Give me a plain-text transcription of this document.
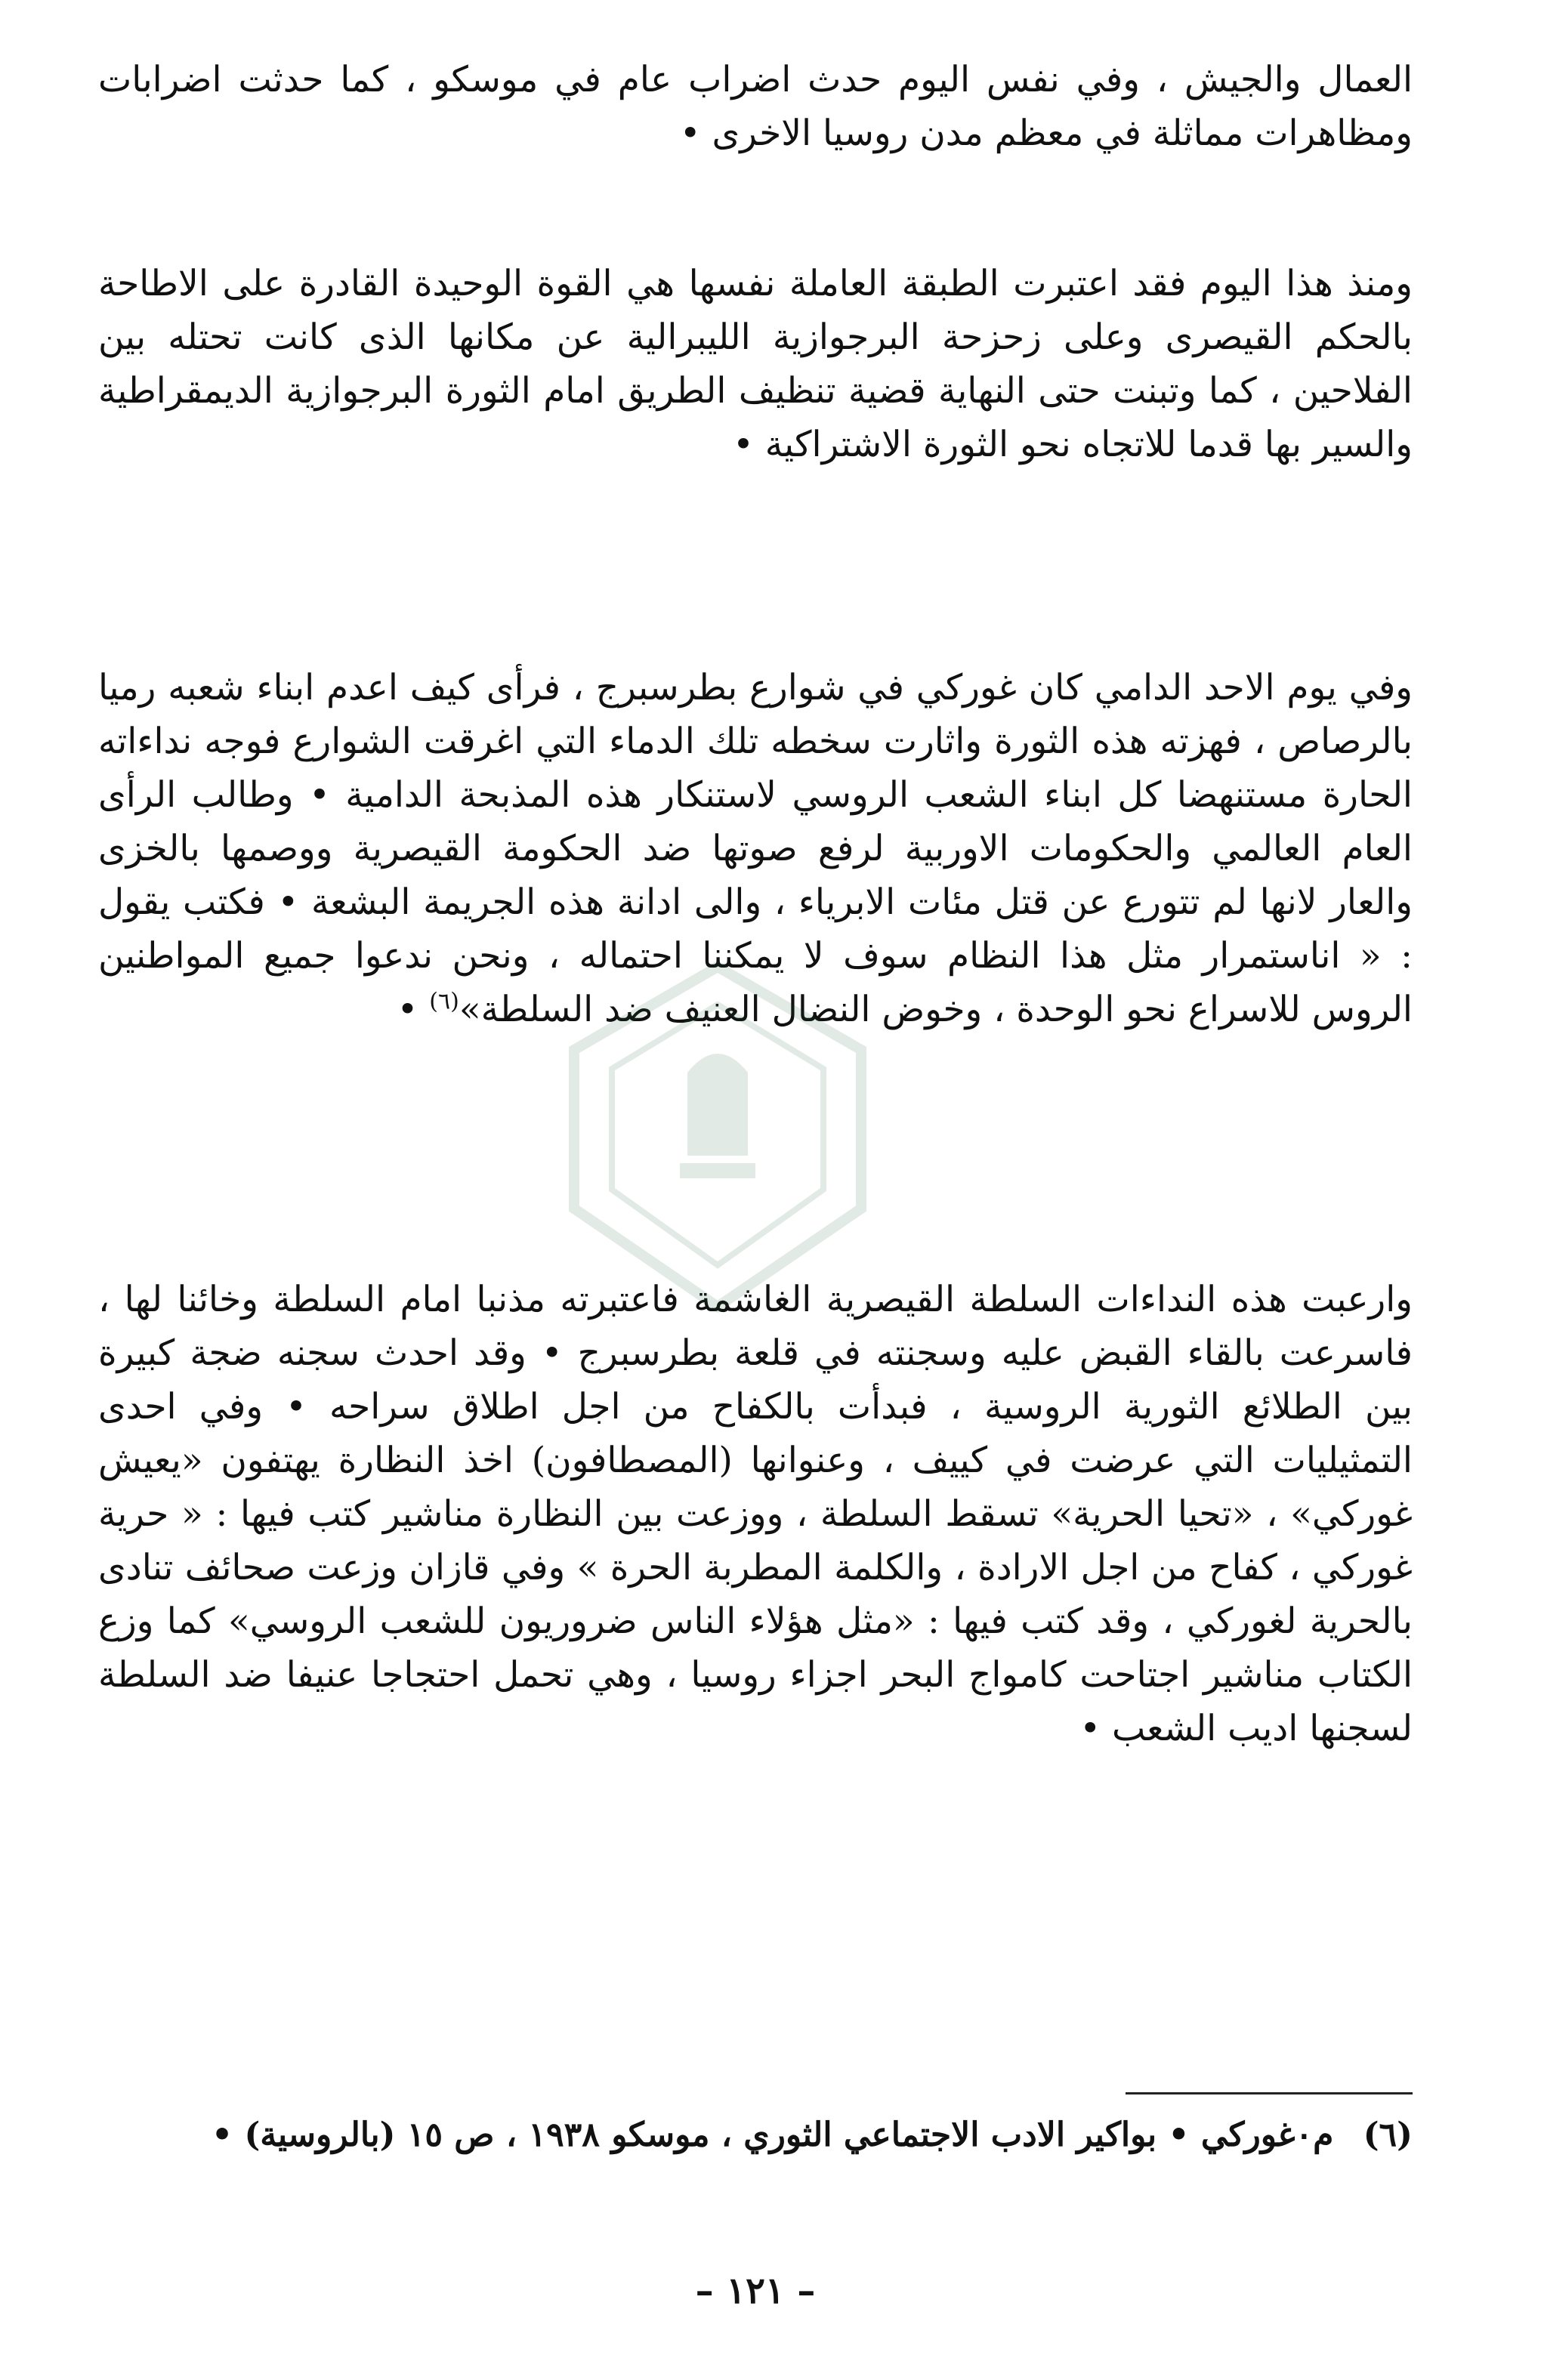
العمال والجيش ، وفي نفس اليوم حدث اضراب عام في موسكو ، كما حدثت اضرابات ومظاهرات مماثلة في معظم مدن روسيا الاخرى •

ومنذ هذا اليوم فقد اعتبرت الطبقة العاملة نفسها هي القوة الوحيدة القادرة على الاطاحة بالحكم القيصرى وعلى زحزحة البرجوازية الليبرالية عن مكانها الذى كانت تحتله بين الفلاحين ، كما وتبنت حتى النهاية قضية تنظيف الطريق امام الثورة البرجوازية الديمقراطية والسير بها قدما للاتجاه نحو الثورة الاشتراكية •

وفي يوم الاحد الدامي كان غوركي في شوارع بطرسبرج ، فرأى كيف اعدم ابناء شعبه رميا بالرصاص ، فهزته هذه الثورة واثارت سخطه تلك الدماء التي اغرقت الشوارع فوجه نداءاته الحارة مستنهضا كل ابناء الشعب الروسي لاستنكار هذه المذبحة الدامية • وطالب الرأى العام العالمي والحكومات الاوربية لرفع صوتها ضد الحكومة القيصرية ووصمها بالخزى والعار لانها لم تتورع عن قتل مئات الابرياء ، والى ادانة هذه الجريمة البشعة • فكتب يقول : « اناستمرار مثل هذا النظام سوف لا يمكننا احتماله ، ونحن ندعوا جميع المواطنين الروس للاسراع نحو الوحدة ، وخوض النضال العنيف ضد السلطة»$^{(٦)}$ •

وارعبت هذه النداءات السلطة القيصرية الغاشمة فاعتبرته مذنبا امام السلطة وخائنا لها ، فاسرعت بالقاء القبض عليه وسجنته في قلعة بطرسبرج • وقد احدث سجنه ضجة كبيرة بين الطلائع الثورية الروسية ، فبدأت بالكفاح من اجل اطلاق سراحه • وفي احدى التمثيليات التي عرضت في كييف ، وعنوانها (المصطافون) اخذ النظارة يهتفون «يعيش غوركي» ، «تحيا الحرية» تسقط السلطة ، ووزعت بين النظارة مناشير كتب فيها : « حرية غوركي ، كفاح من اجل الارادة ، والكلمة المطربة الحرة » وفي قازان وزعت صحائف تنادى بالحرية لغوركي ، وقد كتب فيها : «مثل هؤلاء الناس ضروريون للشعب الروسي» كما وزع الكتاب مناشير اجتاحت كامواج البحر اجزاء روسيا ، وهي تحمل احتجاجا عنيفا ضد السلطة لسجنها اديب الشعب •

(٦) م٠غوركي • بواكير الادب الاجتماعي الثوري ، موسكو ١٩٣٨ ، ص ١٥ (بالروسية) •
– ١٢١ –
